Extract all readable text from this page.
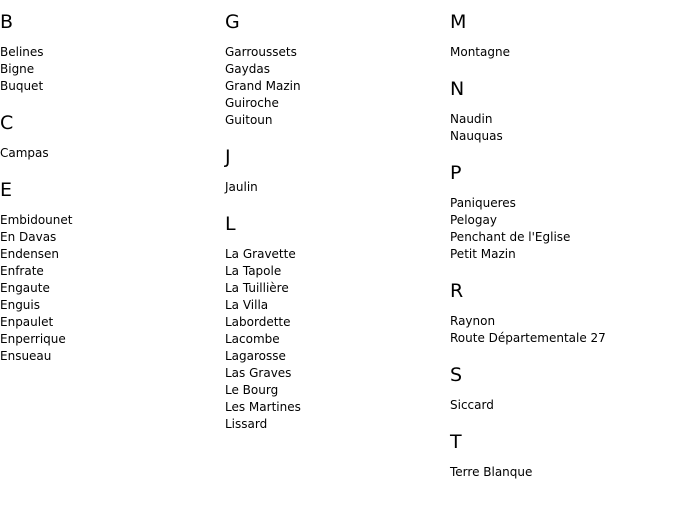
B
Belines
Bigne
Buquet
C
Campas
E
Embidounet
En Davas
Endensen
Enfrate
Engaute
Enguis
Enpaulet
Enperrique
Ensueau
G
Garroussets
Gaydas
Grand Mazin
Guiroche
Guitoun
J
Jaulin
L
La Gravette
La Tapole
La Tuillière
La Villa
Labordette
Lacombe
Lagarosse
Las Graves
Le Bourg
Les Martines
Lissard
M
Montagne
N
Naudin
Nauquas
P
Paniqueres
Pelogay
Penchant de l'Eglise
Petit Mazin
R
Raynon
Route Départementale 27
S
Siccard
T
Terre Blanque
